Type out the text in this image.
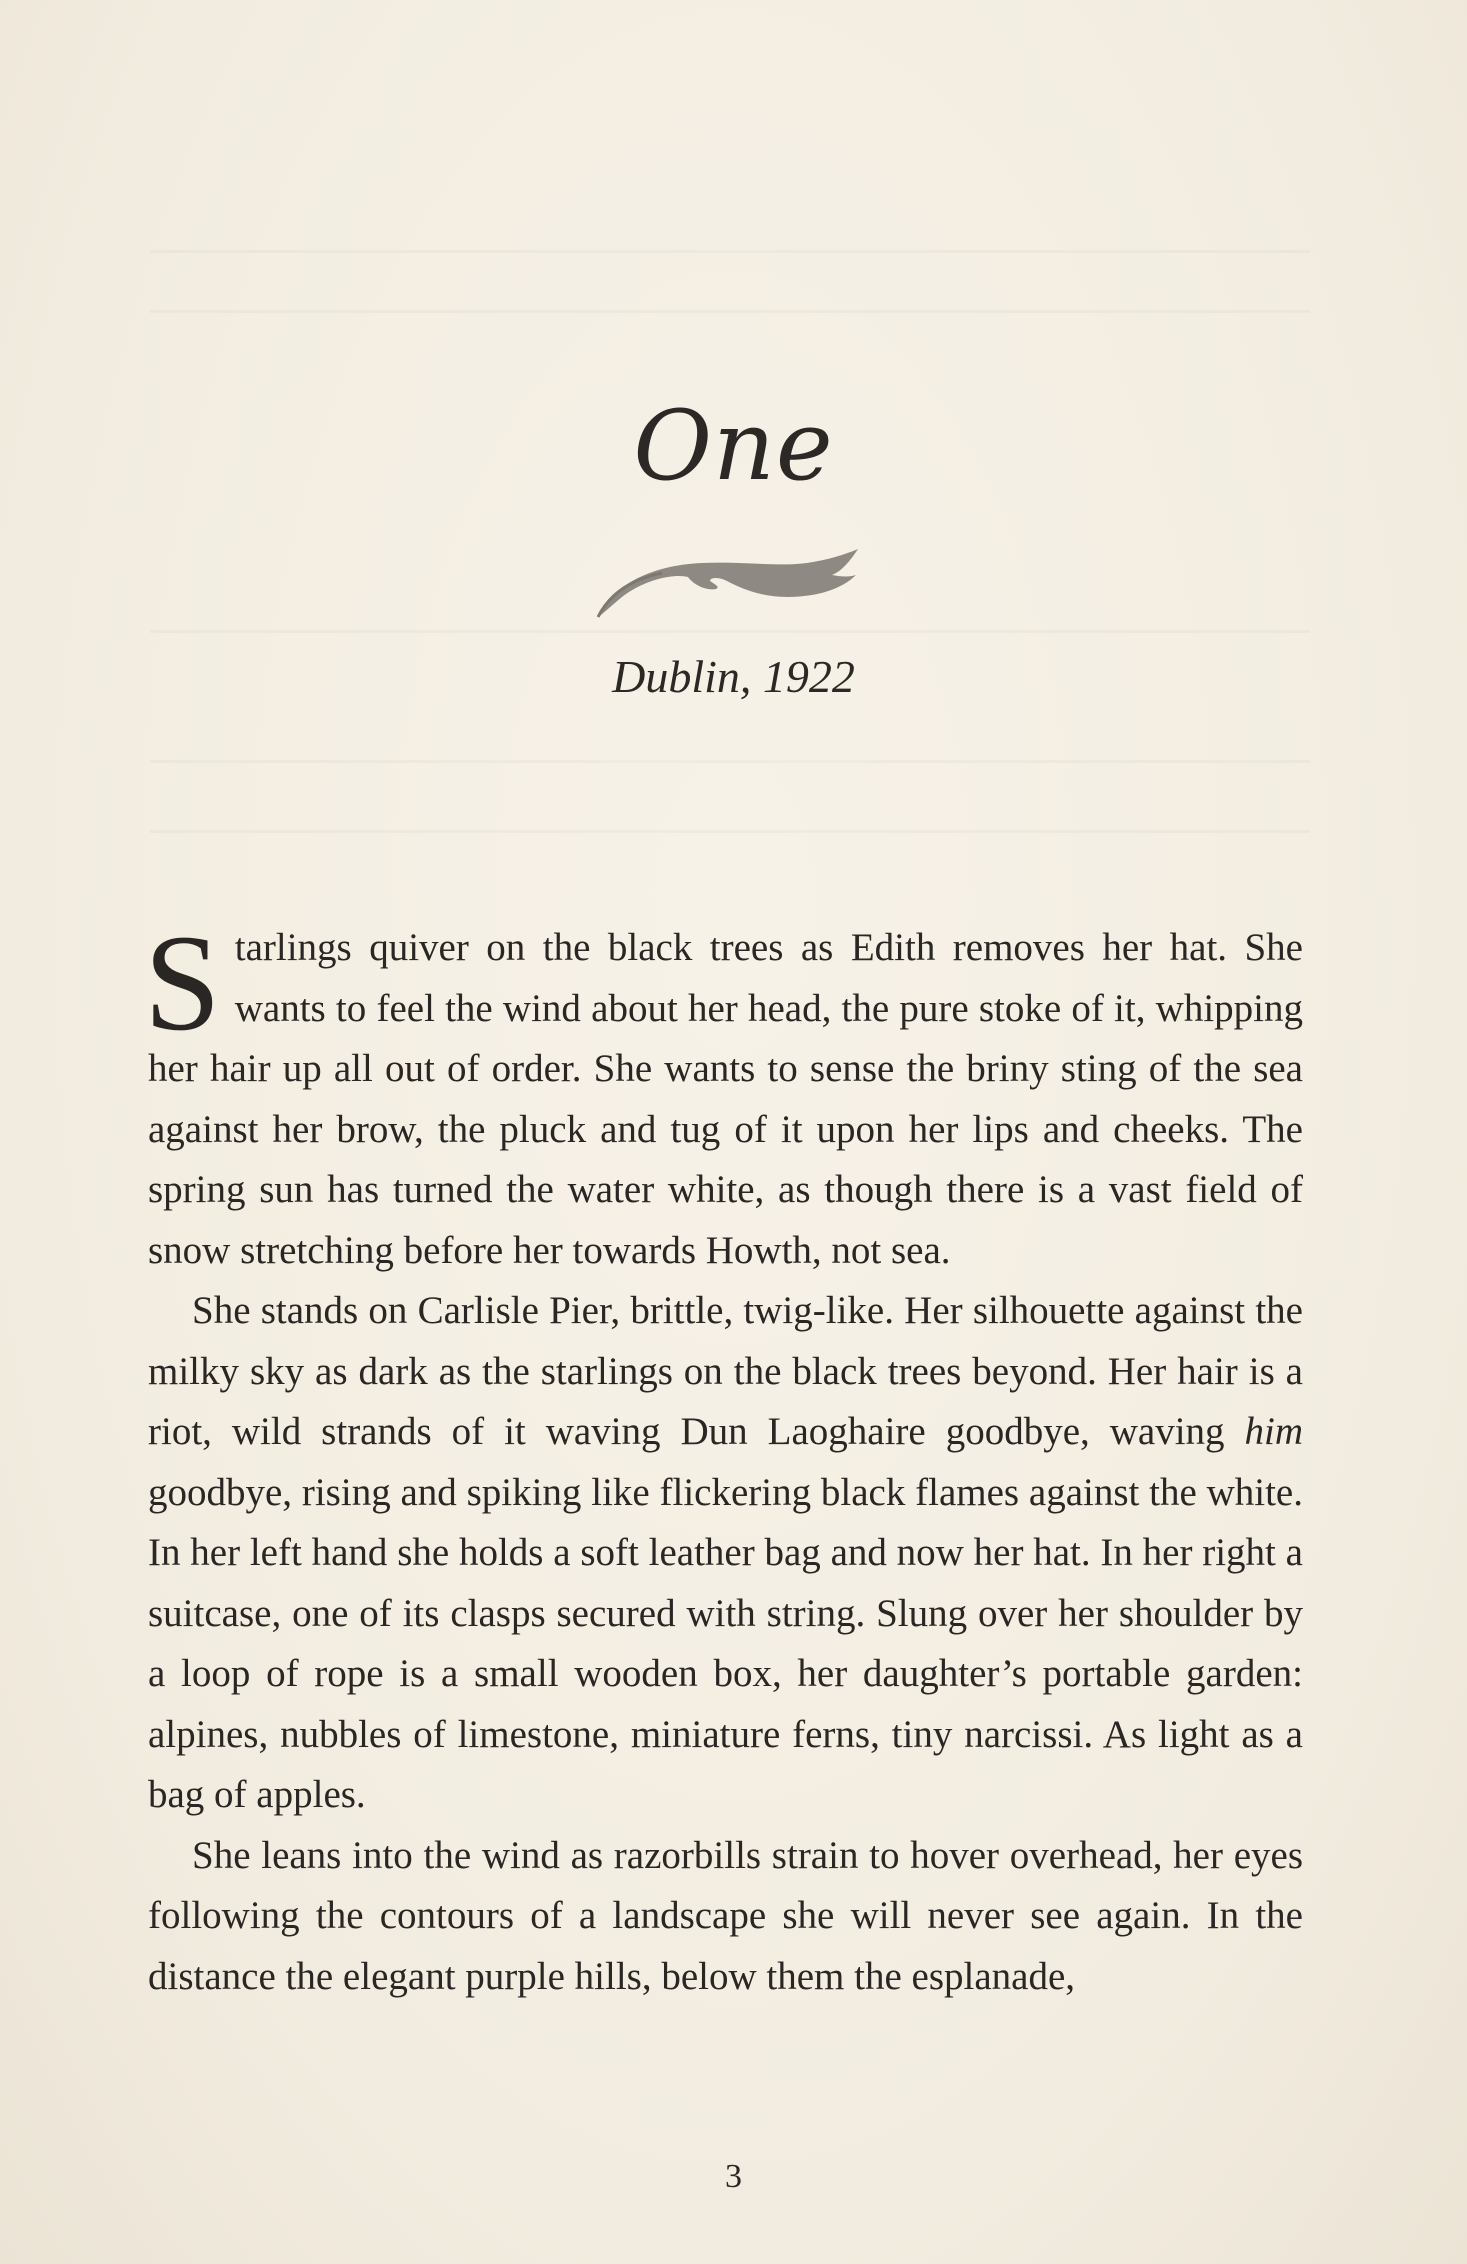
One
Dublin, 1922

Starlings quiver on the black trees as Edith removes her hat. She wants to feel the wind about her head, the pure stoke of it, whipping her hair up all out of order. She wants to sense the briny sting of the sea against her brow, the pluck and tug of it upon her lips and cheeks. The spring sun has turned the water white, as though there is a vast field of snow stretching before her towards Howth, not sea.

She stands on Carlisle Pier, brittle, twig-like. Her silhouette against the milky sky as dark as the starlings on the black trees beyond. Her hair is a riot, wild strands of it waving Dun Laoghaire goodbye, waving him goodbye, rising and spiking like flickering black flames against the white. In her left hand she holds a soft leather bag and now her hat. In her right a suitcase, one of its clasps secured with string. Slung over her shoulder by a loop of rope is a small wooden box, her daughter’s portable garden: alpines, nubbles of limestone, miniature ferns, tiny narcissi. As light as a bag of apples.

She leans into the wind as razorbills strain to hover overhead, her eyes following the contours of a landscape she will never see again. In the distance the elegant purple hills, below them the esplanade,

3
